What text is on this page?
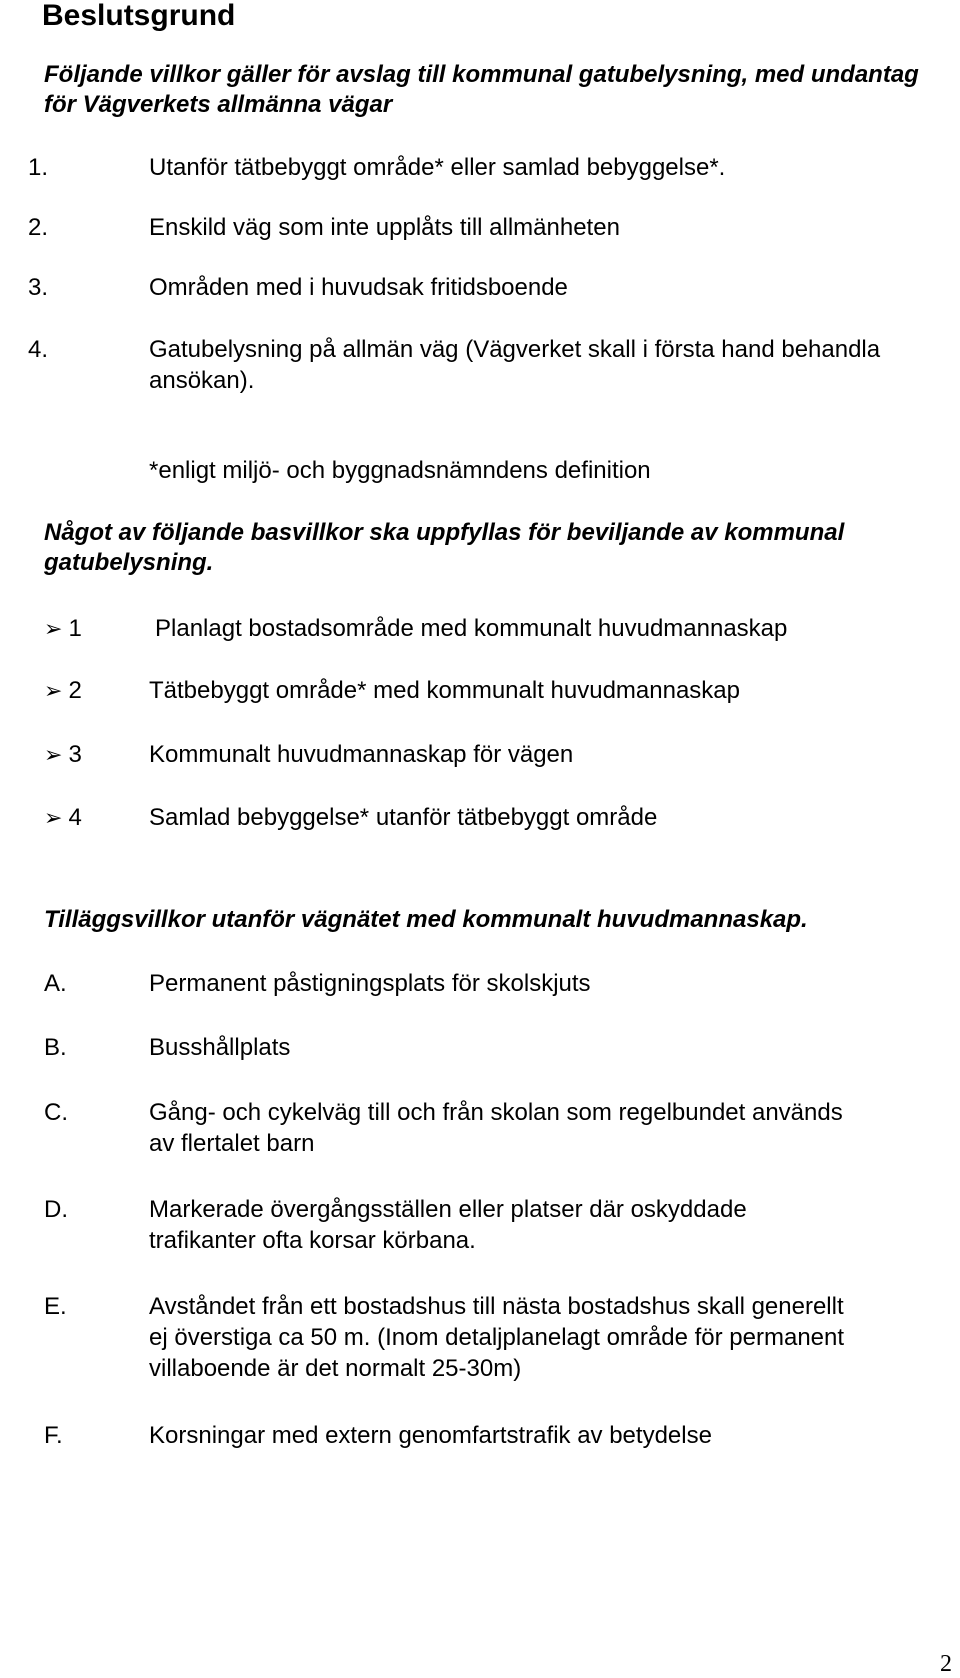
Beslutsgrund

Följande villkor gäller för avslag till kommunal gatubelysning, med undantag för Vägverkets allmänna vägar

1.	Utanför tätbebyggt område* eller samlad bebyggelse*.
2.	Enskild väg som inte upplåts till allmänheten
3.	Områden med i huvudsak fritidsboende
4.	Gatubelysning på allmän väg (Vägverket skall i första hand behandla ansökan).
*enligt miljö- och byggnadsnämndens definition

Något av följande basvillkor ska uppfyllas för beviljande av kommunal gatubelysning.

➢ 1	Planlagt bostadsområde med kommunalt huvudmannaskap
➢ 2	Tätbebyggt område* med kommunalt huvudmannaskap
➢ 3	Kommunalt huvudmannaskap för vägen
➢ 4	Samlad bebyggelse* utanför tätbebyggt område

Tilläggsvillkor utanför vägnätet med kommunalt huvudmannaskap.

A.	Permanent påstigningsplats för skolskjuts
B.	Busshållplats
C.	Gång- och cykelväg till och från skolan som regelbundet används av flertalet barn
D.	Markerade övergångsställen eller platser där oskyddade trafikanter ofta korsar körbana.
E.	Avståndet från ett bostadshus till nästa bostadshus skall generellt ej överstiga ca 50 m. (Inom detaljplanelagt område för permanent villaboende är det normalt 25-30m)
F.	Korsningar med extern genomfartstrafik av betydelse
2
